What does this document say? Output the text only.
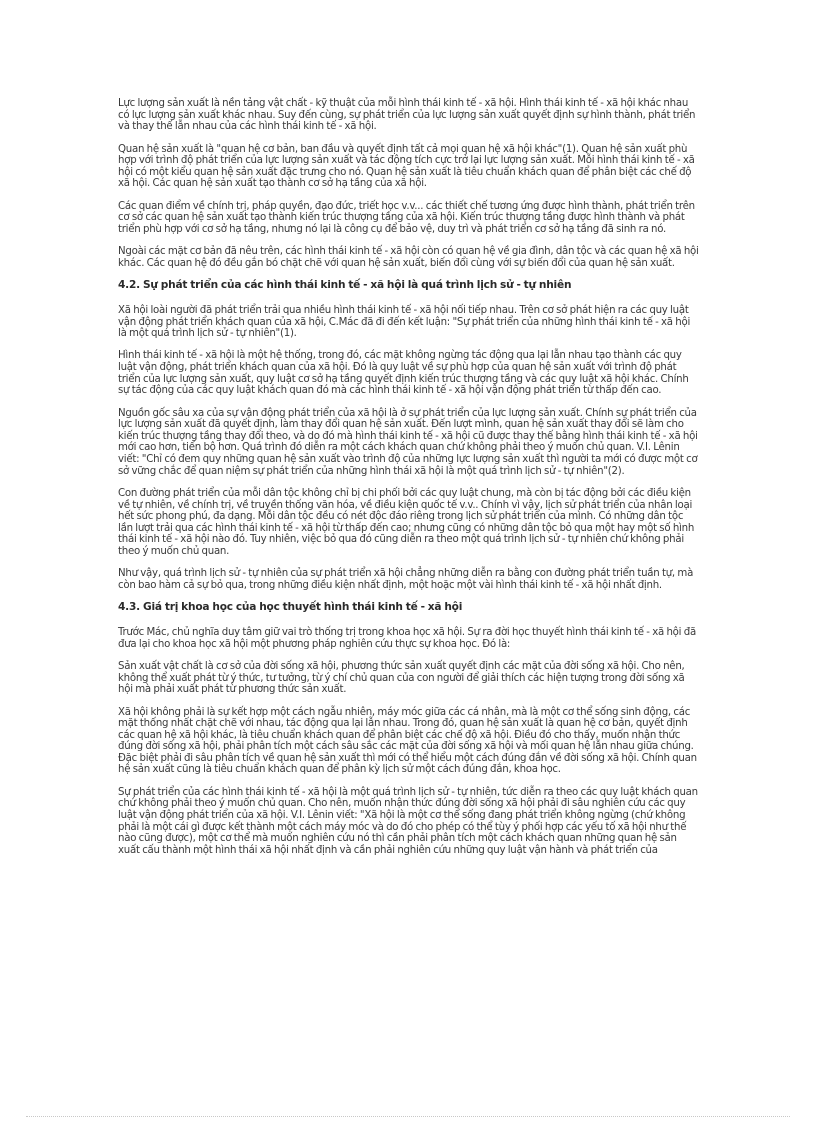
Lực lượng sản xuất là nền tảng vật chất - kỹ thuật của mỗi hình thái kinh tế - xã hội. Hình thái kinh tế - xã hội khác nhau có lực lượng sản xuất khác nhau. Suy đến cùng, sự phát triển của lực lượng sản xuất quyết định sự hình thành, phát triển và thay thế lẫn nhau của các hình thái kinh tế - xã hội.

Quan hệ sản xuất là "quan hệ cơ bản, ban đầu và quyết định tất cả mọi quan hệ xã hội khác"(1). Quan hệ sản xuất phù hợp với trình độ phát triển của lực lượng sản xuất và tác động tích cực trở lại lực lượng sản xuất. Mỗi hình thái kinh tế - xã hội có một kiểu quan hệ sản xuất đặc trưng cho nó. Quan hệ sản xuất là tiêu chuẩn khách quan để phân biệt các chế độ xã hội. Các quan hệ sản xuất tạo thành cơ sở hạ tầng của xã hội.

Các quan điểm về chính trị, pháp quyền, đạo đức, triết học v.v... các thiết chế tương ứng được hình thành, phát triển trên cơ sở các quan hệ sản xuất tạo thành kiến trúc thượng tầng của xã hội. Kiến trúc thượng tầng được hình thành và phát triển phù hợp với cơ sở hạ tầng, nhưng nó lại là công cụ để bảo vệ, duy trì và phát triển cơ sở hạ tầng đã sinh ra nó.

Ngoài các mặt cơ bản đã nêu trên, các hình thái kinh tế - xã hội còn có quan hệ về gia đình, dân tộc và các quan hệ xã hội khác. Các quan hệ đó đều gắn bó chặt chẽ với quan hệ sản xuất, biến đổi cùng với sự biến đổi của quan hệ sản xuất.

4.2. Sự phát triển của các hình thái kinh tế - xã hội là quá trình lịch sử - tự nhiên

Xã hội loài người đã phát triển trải qua nhiều hình thái kinh tế - xã hội nối tiếp nhau. Trên cơ sở phát hiện ra các quy luật vận động phát triển khách quan của xã hội, C.Mác đã đi đến kết luận: "Sự phát triển của những hình thái kinh tế - xã hội là một quá trình lịch sử - tự nhiên"(1).

Hình thái kinh tế - xã hội là một hệ thống, trong đó, các mặt không ngừng tác động qua lại lẫn nhau tạo thành các quy luật vận động, phát triển khách quan của xã hội. Đó là quy luật về sự phù hợp của quan hệ sản xuất với trình độ phát triển của lực lượng sản xuất, quy luật cơ sở hạ tầng quyết định kiến trúc thượng tầng và các quy luật xã hội khác. Chính sự tác động của các quy luật khách quan đó mà các hình thái kinh tế - xã hội vận động phát triển từ thấp đến cao.

Nguồn gốc sâu xa của sự vận động phát triển của xã hội là ở sự phát triển của lực lượng sản xuất. Chính sự phát triển của lực lượng sản xuất đã quyết định, làm thay đổi quan hệ sản xuất. Đến lượt mình, quan hệ sản xuất thay đổi sẽ làm cho kiến trúc thượng tầng thay đổi theo, và do đó mà hình thái kinh tế - xã hội cũ được thay thế bằng hình thái kinh tế - xã hội mới cao hơn, tiến bộ hơn. Quá trình đó diễn ra một cách khách quan chứ không phải theo ý muốn chủ quan. V.I. Lênin viết: "Chỉ có đem quy những quan hệ sản xuất vào trình độ của những lực lượng sản xuất thì người ta mới có được một cơ sở vững chắc để quan niệm sự phát triển của những hình thái xã hội là một quá trình lịch sử - tự nhiên"(2).

Con đường phát triển của mỗi dân tộc không chỉ bị chi phối bởi các quy luật chung, mà còn bị tác động bởi các điều kiện về tự nhiên, về chính trị, về truyền thống văn hóa, về điều kiện quốc tế v.v.. Chính vì vậy, lịch sử phát triển của nhân loại hết sức phong phú, đa dạng. Mỗi dân tộc đều có nét độc đáo riêng trong lịch sử phát triển của mình. Có những dân tộc lần lượt trải qua các hình thái kinh tế - xã hội từ thấp đến cao; nhưng cũng có những dân tộc bỏ qua một hay một số hình thái kinh tế - xã hội nào đó. Tuy nhiên, việc bỏ qua đó cũng diễn ra theo một quá trình lịch sử - tự nhiên chứ không phải theo ý muốn chủ quan.

Như vậy, quá trình lịch sử - tự nhiên của sự phát triển xã hội chẳng những diễn ra bằng con đường phát triển tuần tự, mà còn bao hàm cả sự bỏ qua, trong những điều kiện nhất định, một hoặc một vài hình thái kinh tế - xã hội nhất định.

4.3. Giá trị khoa học của học thuyết hình thái kinh tế - xã hội

Trước Mác, chủ nghĩa duy tâm giữ vai trò thống trị trong khoa học xã hội. Sự ra đời học thuyết hình thái kinh tế - xã hội đã đưa lại cho khoa học xã hội một phương pháp nghiên cứu thực sự khoa học. Đó là:

Sản xuất vật chất là cơ sở của đời sống xã hội, phương thức sản xuất quyết định các mặt của đời sống xã hội. Cho nên, không thể xuất phát từ ý thức, tư tưởng, từ ý chí chủ quan của con người để giải thích các hiện tượng trong đời sống xã hội mà phải xuất phát từ phương thức sản xuất.

Xã hội không phải là sự kết hợp một cách ngẫu nhiên, máy móc giữa các cá nhân, mà là một cơ thể sống sinh động, các mặt thống nhất chặt chẽ với nhau, tác động qua lại lẫn nhau. Trong đó, quan hệ sản xuất là quan hệ cơ bản, quyết định các quan hệ xã hội khác, là tiêu chuẩn khách quan để phân biệt các chế độ xã hội. Điều đó cho thấy, muốn nhận thức đúng đời sống xã hội, phải phân tích một cách sâu sắc các mặt của đời sống xã hội và mối quan hệ lẫn nhau giữa chúng. Đặc biệt phải đi sâu phân tích về quan hệ sản xuất thì mới có thể hiểu một cách đúng đắn về đời sống xã hội. Chính quan hệ sản xuất cũng là tiêu chuẩn khách quan để phân kỳ lịch sử một cách đúng đắn, khoa học.

Sự phát triển của các hình thái kinh tế - xã hội là một quá trình lịch sử - tự nhiên, tức diễn ra theo các quy luật khách quan chứ không phải theo ý muốn chủ quan. Cho nên, muốn nhận thức đúng đời sống xã hội phải đi sâu nghiên cứu các quy luật vận động phát triển của xã hội. V.I. Lênin viết: "Xã hội là một cơ thể sống đang phát triển không ngừng (chứ không phải là một cái gì được kết thành một cách máy móc và do đó cho phép có thể tùy ý phối hợp các yếu tố xã hội như thế nào cũng được), một cơ thể mà muốn nghiên cứu nó thì cần phải phân tích một cách khách quan những quan hệ sản xuất cấu thành một hình thái xã hội nhất định và cần phải nghiên cứu những quy luật vận hành và phát triển của
